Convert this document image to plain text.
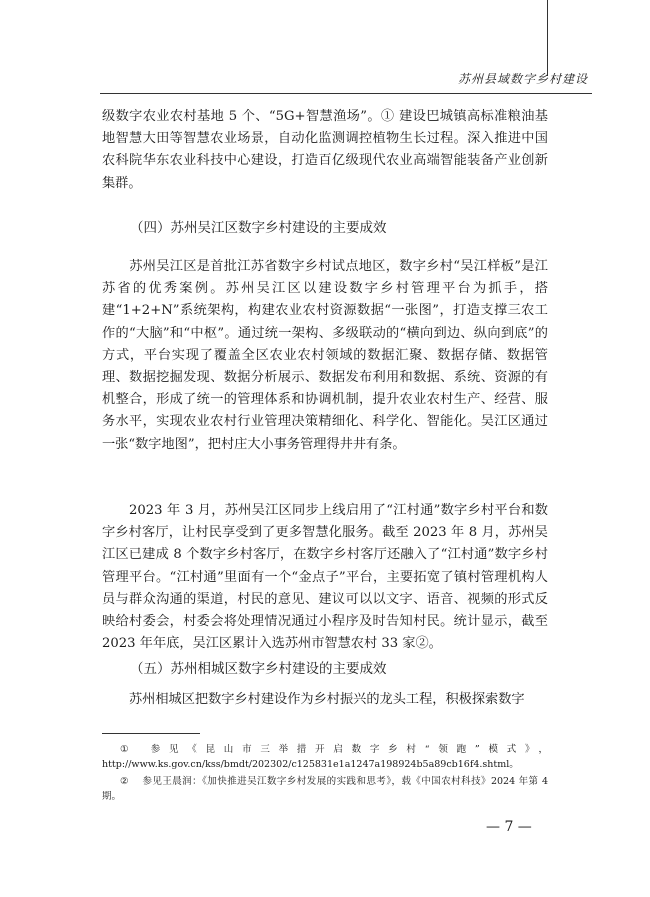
苏州县域数字乡村建设

级数字农业农村基地 5 个、“5G+智慧渔场”。① 建设巴城镇高标准粮油基地智慧大田等智慧农业场景，自动化监测调控植物生长过程。深入推进中国农科院华东农业科技中心建设，打造百亿级现代农业高端智能装备产业创新集群。

（四）苏州吴江区数字乡村建设的主要成效

苏州吴江区是首批江苏省数字乡村试点地区，数字乡村“吴江样板”是江苏省的优秀案例。苏州吴江区以建设数字乡村管理平台为抓手，搭建“1+2+N”系统架构，构建农业农村资源数据“一张图”，打造支撑三农工作的“大脑”和“中枢”。通过统一架构、多级联动的“横向到边、纵向到底”的方式，平台实现了覆盖全区农业农村领域的数据汇聚、数据存储、数据管理、数据挖掘发现、数据分析展示、数据发布利用和数据、系统、资源的有机整合，形成了统一的管理体系和协调机制，提升农业农村生产、经营、服务水平，实现农业农村行业管理决策精细化、科学化、智能化。吴江区通过一张“数字地图”，把村庄大小事务管理得井井有条。

2023 年 3 月，苏州吴江区同步上线启用了“江村通”数字乡村平台和数字乡村客厅，让村民享受到了更多智慧化服务。截至 2023 年 8 月，苏州吴江区已建成 8 个数字乡村客厅，在数字乡村客厅还融入了“江村通”数字乡村管理平台。“江村通”里面有一个“金点子”平台，主要拓宽了镇村管理机构人员与群众沟通的渠道，村民的意见、建议可以以文字、语音、视频的形式反映给村委会，村委会将处理情况通过小程序及时告知村民。统计显示，截至 2023 年年底，吴江区累计入选苏州市智慧农村 33 家②。

（五）苏州相城区数字乡村建设的主要成效

苏州相城区把数字乡村建设作为乡村振兴的龙头工程，积极探索数字

① 参见《昆山市三举措开启数字乡村“领跑”模式》，http://www.ks.gov.cn/kss/bmdt/202302/c125831e1a1247a198924b5a89cb16f4.shtml。

② 参见王晨润：《加快推进吴江数字乡村发展的实践和思考》，载《中国农村科技》2024 年第 4 期。

— 7 —
